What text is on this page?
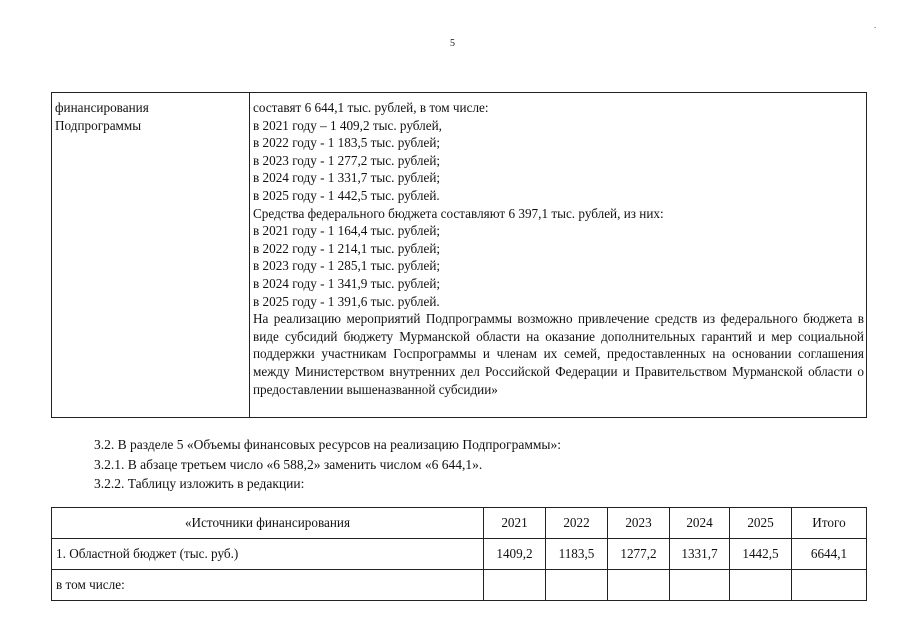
5
.
финансирования
Подпрограммы

составят 6 644,1 тыс. рублей, в том числе:
в 2021 году – 1 409,2 тыс. рублей,
в 2022 году - 1 183,5 тыс. рублей;
в 2023 году - 1 277,2 тыс. рублей;
в 2024 году - 1 331,7 тыс. рублей;
в 2025 году - 1 442,5 тыс. рублей.
Средства федерального бюджета составляют 6 397,1 тыс. рублей, из них:
в 2021 году - 1 164,4 тыс. рублей;
в 2022 году - 1 214,1 тыс. рублей;
в 2023 году - 1 285,1 тыс. рублей;
в 2024 году - 1 341,9 тыс. рублей;
в 2025 году - 1 391,6 тыс. рублей.
На реализацию мероприятий Подпрограммы возможно привлечение средств из федерального бюджета в виде субсидий бюджету Мурманской области на оказание дополнительных гарантий и мер социальной поддержки участникам Госпрограммы и членам их семей, предоставленных на основании соглашения между Министерством внутренних дел Российской Федерации и Правительством Мурманской области о предоставлении вышеназванной субсидии»
3.2. В разделе 5 «Объемы финансовых ресурсов на реализацию Подпрограммы»:
3.2.1. В абзаце третьем число «6 588,2» заменить числом «6 644,1».
3.2.2. Таблицу изложить в редакции:
«Источники финансирования	2021	2022	2023	2024	2025	Итого
1. Областной бюджет (тыс. руб.)	1409,2	1183,5	1277,2	1331,7	1442,5	6644,1
в том числе:						
